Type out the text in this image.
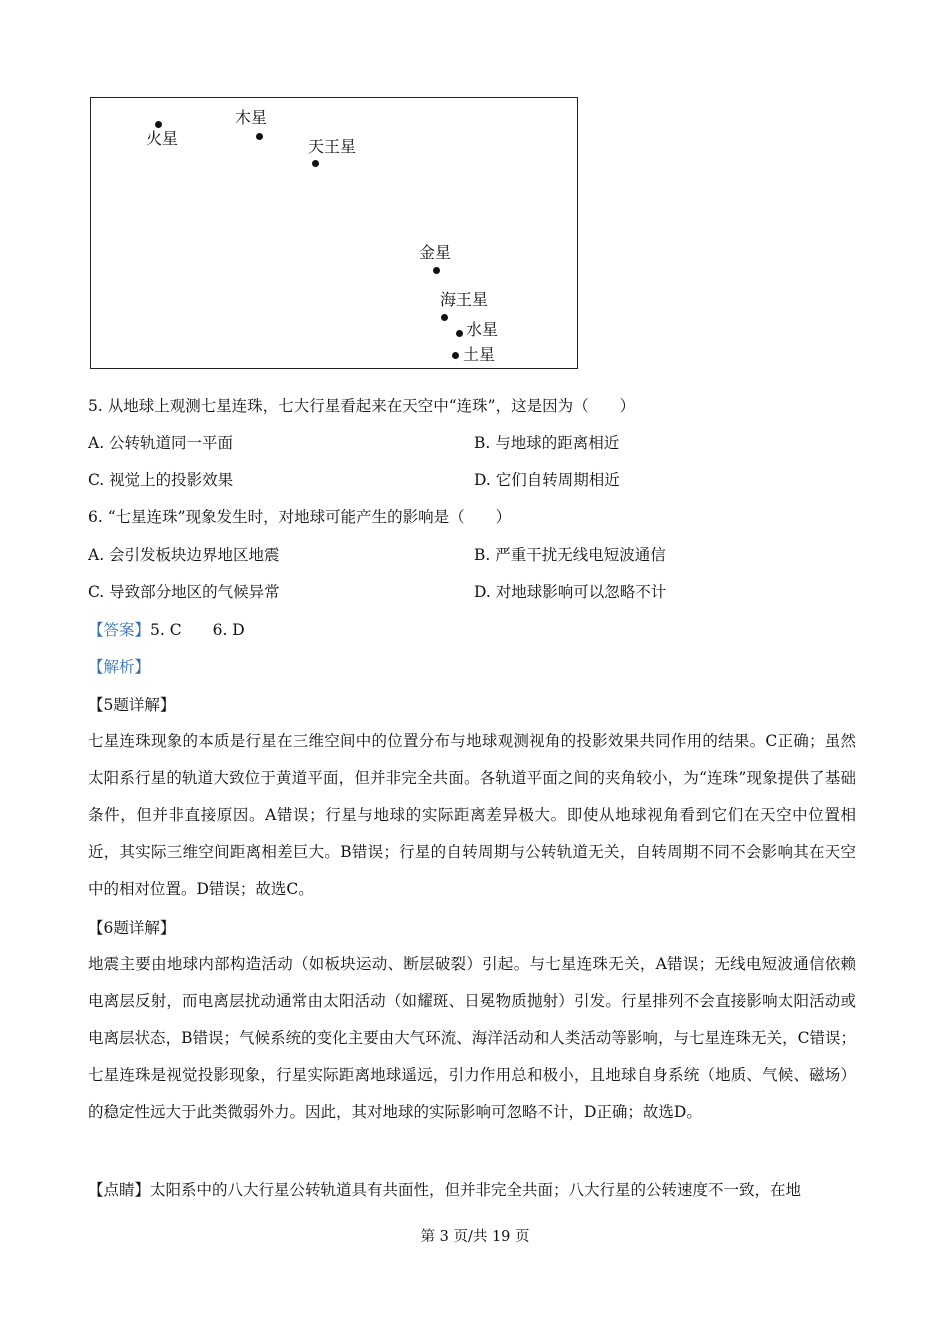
火星
木星
天王星
金星
海王星
水星
土星
5. 从地球上观测七星连珠，七大行星看起来在天空中“连珠”，这是因为（　　）
A. 公转轨道同一平面	B. 与地球的距离相近
C. 视觉上的投影效果	D. 它们自转周期相近
6. “七星连珠”现象发生时，对地球可能产生的影响是（　　）
A. 会引发板块边界地区地震	B. 严重干扰无线电短波通信
C. 导致部分地区的气候异常	D. 对地球影响可以忽略不计
【答案】5. C　　6. D
【解析】
【5题详解】
七星连珠现象的本质是行星在三维空间中的位置分布与地球观测视角的投影效果共同作用的结果。C正确；虽然太阳系行星的轨道大致位于黄道平面，但并非完全共面。各轨道平面之间的夹角较小，为“连珠”现象提供了基础条件，但并非直接原因。A错误；行星与地球的实际距离差异极大。即使从地球视角看到它们在天空中位置相近，其实际三维空间距离相差巨大。B错误；行星的自转周期与公转轨道无关，自转周期不同不会影响其在天空中的相对位置。D错误；故选C。
【6题详解】
地震主要由地球内部构造活动（如板块运动、断层破裂）引起。与七星连珠无关，A错误；无线电短波通信依赖电离层反射，而电离层扰动通常由太阳活动（如耀斑、日冕物质抛射）引发。行星排列不会直接影响太阳活动或电离层状态，B错误；气候系统的变化主要由大气环流、海洋活动和人类活动等影响，与七星连珠无关，C错误；七星连珠是视觉投影现象，行星实际距离地球遥远，引力作用总和极小，且地球自身系统（地质、气候、磁场）的稳定性远大于此类微弱外力。因此，其对地球的实际影响可忽略不计，D正确；故选D。
【点睛】太阳系中的八大行星公转轨道具有共面性，但并非完全共面；八大行星的公转速度不一致，在地
第 3 页/共 19 页
